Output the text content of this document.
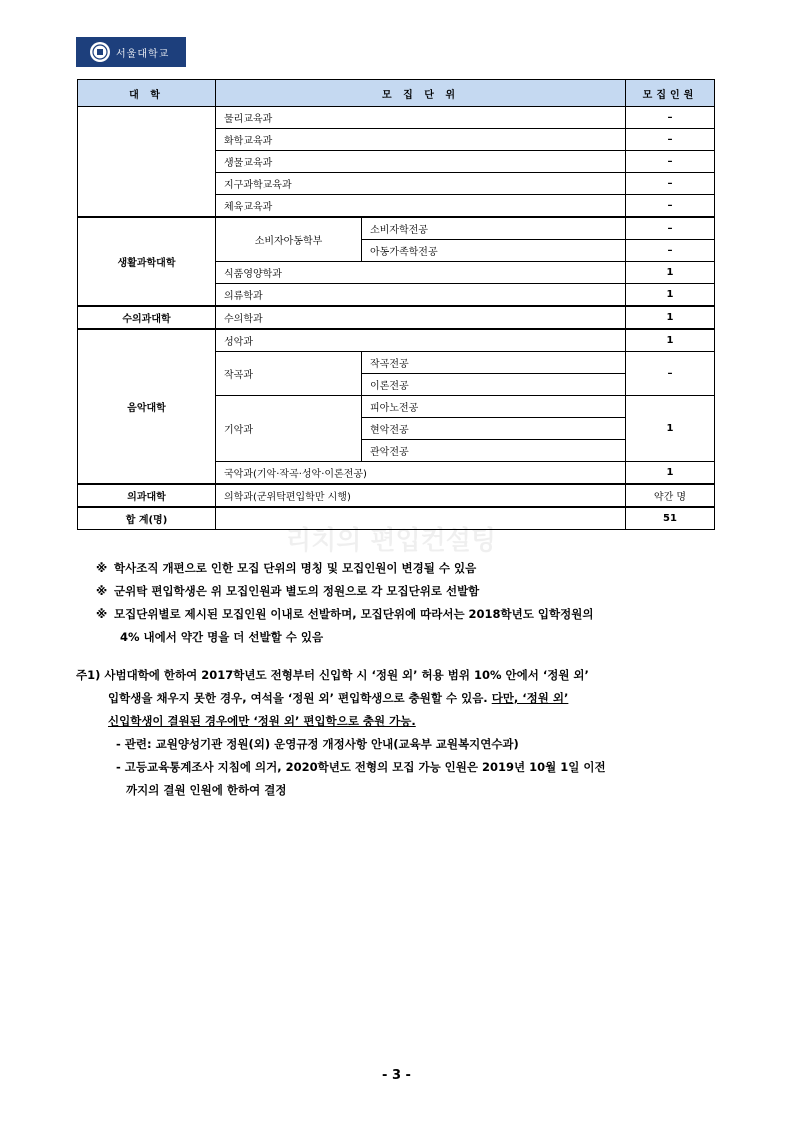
서울대학교
대 학	모 집 단 위		모집인원
	물리교육과		–
	화학교육과		–
	생물교육과		–
	지구과학교육과		–
	체육교육과		–
생활과학대학	소비자아동학부	소비자학전공	–
		아동가족학전공	–
	식품영양학과		1
	의류학과		1
수의과대학	수의학과		1
음악대학	성악과		1
	작곡과	작곡전공	–
		이론전공	
	기악과	피아노전공	1
		현악전공	
		관악전공	
	국악과(기악·작곡·성악·이론전공)		1
의과대학	의학과(군위탁편입학만 시행)		약간 명
합 계(명)			51
리치의 편입컨설팅
※ 학사조직 개편으로 인한 모집 단위의 명칭 및 모집인원이 변경될 수 있음
※ 군위탁 편입학생은 위 모집인원과 별도의 정원으로 각 모집단위로 선발함
※ 모집단위별로 제시된 모집인원 이내로 선발하며, 모집단위에 따라서는 2018학년도 입학정원의
4% 내에서 약간 명을 더 선발할 수 있음
주1) 사범대학에 한하여 2017학년도 전형부터 신입학 시 ‘정원 외’ 허용 범위 10% 안에서 ‘정원 외’
입학생을 채우지 못한 경우, 여석을 ‘정원 외’ 편입학생으로 충원할 수 있음. 다만, ‘정원 외’
신입학생이 결원된 경우에만 ‘정원 외’ 편입학으로 충원 가능.
- 관련: 교원양성기관 정원(외) 운영규정 개정사항 안내(교육부 교원복지연수과)
- 고등교육통계조사 지침에 의거, 2020학년도 전형의 모집 가능 인원은 2019년 10월 1일 이전
까지의 결원 인원에 한하여 결정
- 3 -
